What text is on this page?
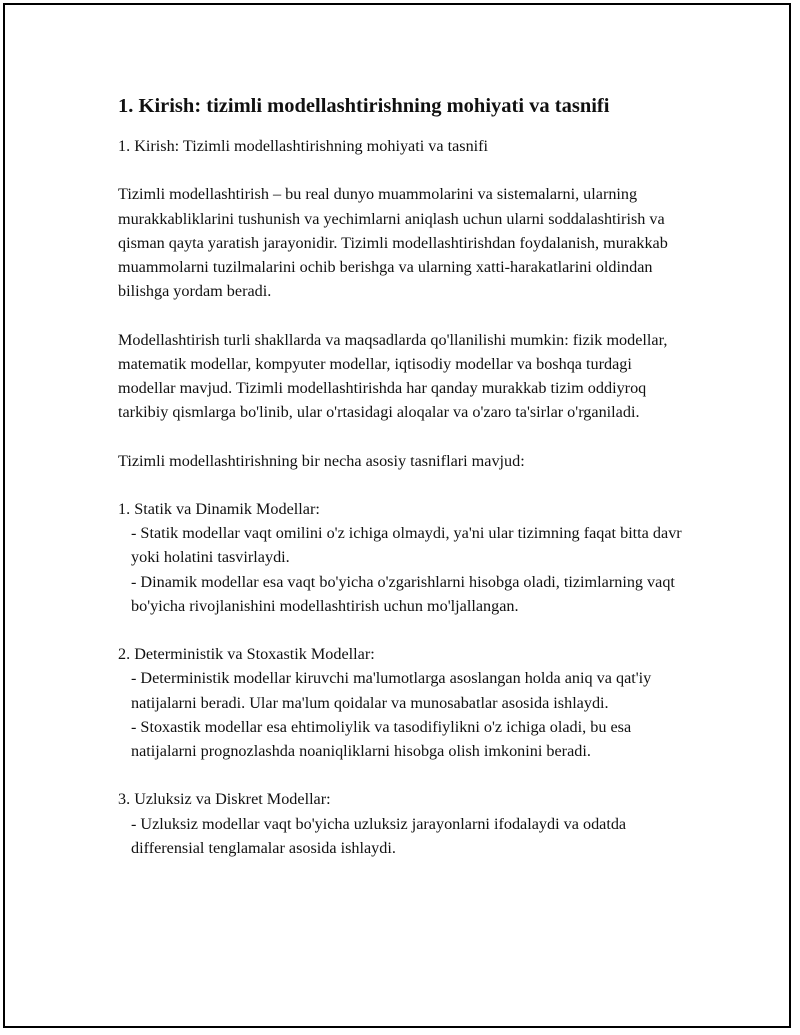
1. Kirish: tizimli modellashtirishning mohiyati va tasnifi

1. Kirish: Tizimli modellashtirishning mohiyati va tasnifi

Tizimli modellashtirish – bu real dunyo muammolarini va sistemalarni, ularning murakkabliklarini tushunish va yechimlarni aniqlash uchun ularni soddalashtirish va qisman qayta yaratish jarayonidir. Tizimli modellashtirishdan foydalanish, murakkab muammolarni tuzilmalarini ochib berishga va ularning xatti-harakatlarini oldindan bilishga yordam beradi.

Modellashtirish turli shakllarda va maqsadlarda qo'llanilishi mumkin: fizik modellar, matematik modellar, kompyuter modellar, iqtisodiy modellar va boshqa turdagi modellar mavjud. Tizimli modellashtirishda har qanday murakkab tizim oddiyroq tarkibiy qismlarga bo'linib, ular o'rtasidagi aloqalar va o'zaro ta'sirlar o'rganiladi.

Tizimli modellashtirishning bir necha asosiy tasniflari mavjud:

1. Statik va Dinamik Modellar:

- Statik modellar vaqt omilini o'z ichiga olmaydi, ya'ni ular tizimning faqat bitta davr yoki holatini tasvirlaydi.

- Dinamik modellar esa vaqt bo'yicha o'zgarishlarni hisobga oladi, tizimlarning vaqt bo'yicha rivojlanishini modellashtirish uchun mo'ljallangan.

2. Deterministik va Stoxastik Modellar:

- Deterministik modellar kiruvchi ma'lumotlarga asoslangan holda aniq va qat'iy natijalarni beradi. Ular ma'lum qoidalar va munosabatlar asosida ishlaydi.

- Stoxastik modellar esa ehtimoliylik va tasodifiylikni o'z ichiga oladi, bu esa natijalarni prognozlashda noaniqliklarni hisobga olish imkonini beradi.

3. Uzluksiz va Diskret Modellar:

- Uzluksiz modellar vaqt bo'yicha uzluksiz jarayonlarni ifodalaydi va odatda differensial tenglamalar asosida ishlaydi.
